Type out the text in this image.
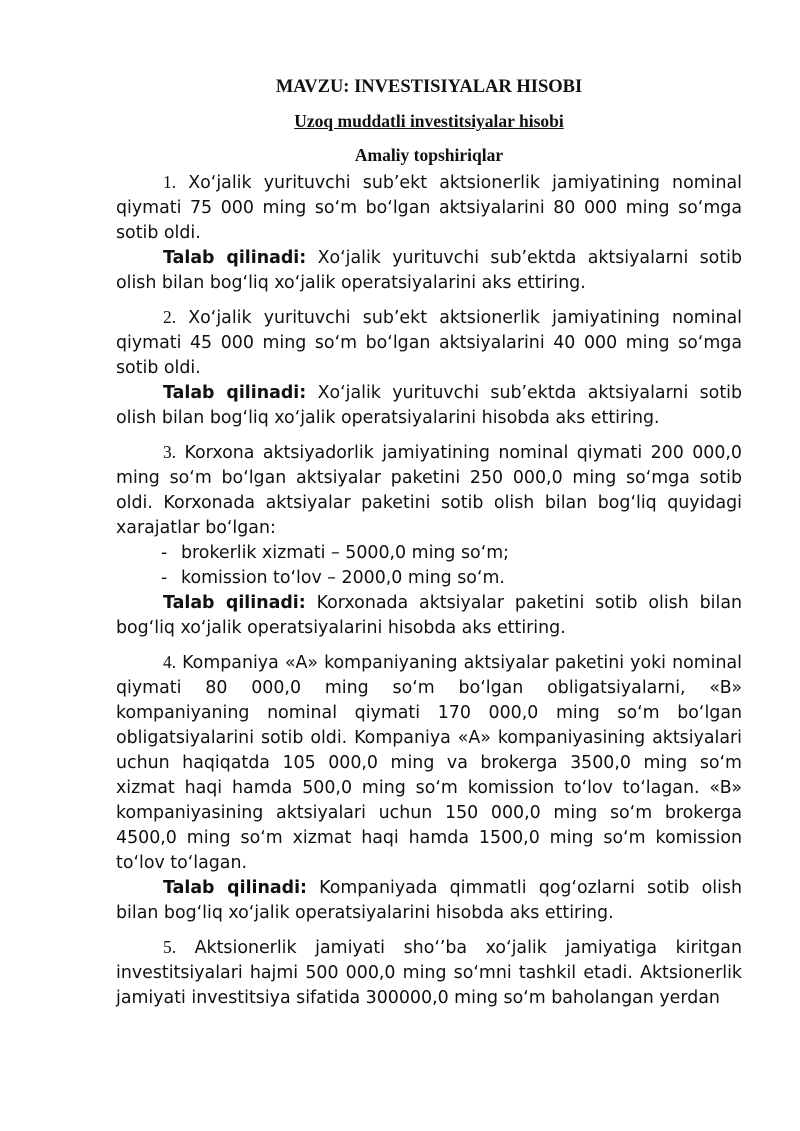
MAVZU: INVESTISIYALAR HISOBI
Uzoq muddatli investitsiyalar hisobi
Amaliy topshiriqlar

1. Xo‘jalik yurituvchi sub’ekt aktsionerlik jamiyatining nominal qiymati 75 000 ming so‘m bo‘lgan aktsiyalarini 80 000 ming so‘mga sotib oldi.

Talab qilinadi: Xo‘jalik yurituvchi sub’ektda aktsiyalarni sotib olish bilan bog‘liq xo‘jalik operatsiyalarini aks ettiring.

2. Xo‘jalik yurituvchi sub’ekt aktsionerlik jamiyatining nominal qiymati 45 000 ming so‘m bo‘lgan aktsiyalarini 40 000 ming so‘mga sotib oldi.

Talab qilinadi: Xo‘jalik yurituvchi sub’ektda aktsiyalarni sotib olish bilan bog‘liq xo‘jalik operatsiyalarini hisobda aks ettiring.

3. Korxona aktsiyadorlik jamiyatining nominal qiymati 200 000,0 ming so‘m bo‘lgan aktsiyalar paketini 250 000,0 ming so‘mga sotib oldi. Korxonada aktsiyalar paketini sotib olish bilan bog‘liq quyidagi xarajatlar bo‘lgan:

- brokerlik xizmati – 5000,0 ming so‘m;
- komission to‘lov – 2000,0 ming so‘m.

Talab qilinadi: Korxonada aktsiyalar paketini sotib olish bilan bog‘liq xo‘jalik operatsiyalarini hisobda aks ettiring.

4. Kompaniya «A» kompaniyaning aktsiyalar paketini yoki nominal qiymati 80 000,0 ming so‘m bo‘lgan obligatsiyalarni, «B» kompaniyaning nominal qiymati 170 000,0 ming so‘m bo‘lgan obligatsiyalarini sotib oldi. Kompaniya «A» kompaniyasining aktsiyalari uchun haqiqatda 105 000,0 ming va brokerga 3500,0 ming so‘m xizmat haqi hamda 500,0 ming so‘m komission to‘lov to‘lagan. «B» kompaniyasining aktsiyalari uchun 150 000,0 ming so‘m brokerga 4500,0 ming so‘m xizmat haqi hamda 1500,0 ming so‘m komission to‘lov to‘lagan.

Talab qilinadi: Kompaniyada qimmatli qog‘ozlarni sotib olish bilan bog‘liq xo‘jalik operatsiyalarini hisobda aks ettiring.

5. Aktsionerlik jamiyati sho‘’ba xo‘jalik jamiyatiga kiritgan investitsiyalari hajmi 500 000,0 ming so‘mni tashkil etadi. Aktsionerlik jamiyati investitsiya sifatida 300000,0 ming so‘m baholangan yerdan
